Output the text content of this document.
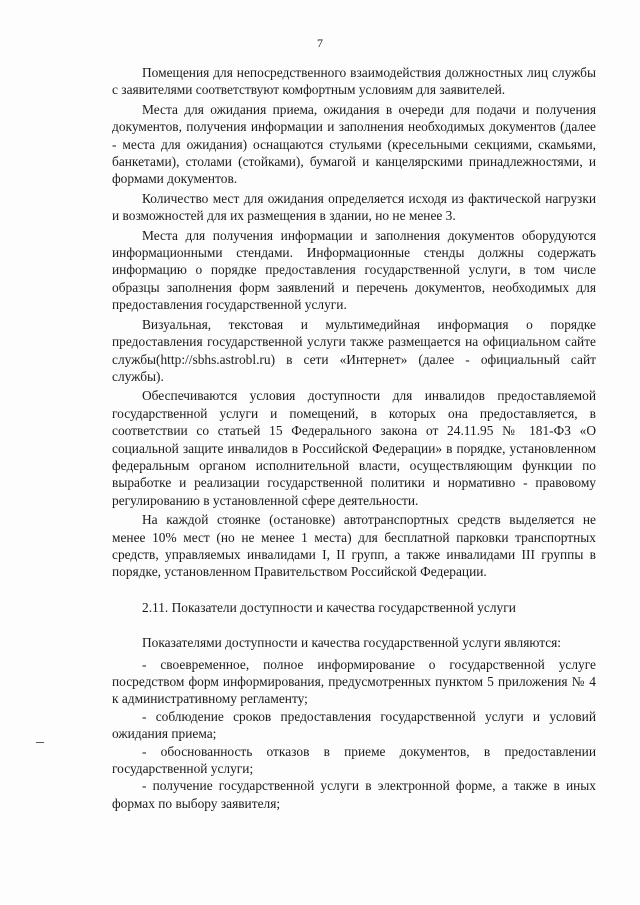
7

Помещения для непосредственного взаимодействия должностных лиц службы с заявителями соответствуют комфортным условиям для заявителей.

Места для ожидания приема, ожидания в очереди для подачи и получения документов, получения информации и заполнения необходимых документов (далее - места для ожидания) оснащаются стульями (кресельными секциями, скамьями, банкетами), столами (стойками), бумагой и канцелярскими принадлежностями, и формами документов.

Количество мест для ожидания определяется исходя из фактической нагрузки и возможностей для их размещения в здании, но не менее 3.

Места для получения информации и заполнения документов оборудуются информационными стендами. Информационные стенды должны содержать информацию о порядке предоставления государственной услуги, в том числе образцы заполнения форм заявлений и перечень документов, необходимых для предоставления государственной услуги.

Визуальная, текстовая и мультимедийная информация о порядке предоставления государственной услуги также размещается на официальном сайте службы(http://sbhs.astrobl.ru) в сети «Интернет» (далее - официальный сайт службы).

Обеспечиваются условия доступности для инвалидов предоставляемой государственной услуги и помещений, в которых она предоставляется, в соответствии со статьей 15 Федерального закона от 24.11.95 № 181-ФЗ «О социальной защите инвалидов в Российской Федерации» в порядке, установленном федеральным органом исполнительной власти, осуществляющим функции по выработке и реализации государственной политики и нормативно - правовому регулированию в установленной сфере деятельности.

На каждой стоянке (остановке) автотранспортных средств выделяется не менее 10% мест (но не менее 1 места) для бесплатной парковки транспортных средств, управляемых инвалидами I, II групп, а также инвалидами III группы в порядке, установленном Правительством Российской Федерации.

2.11. Показатели доступности и качества государственной услуги

Показателями доступности и качества государственной услуги являются:

- своевременное, полное информирование о государственной услуге посредством форм информирования, предусмотренных пунктом 5 приложения № 4 к административному регламенту;

- соблюдение сроков предоставления государственной услуги и условий ожидания приема;

- обоснованность отказов в приеме документов, в предоставлении государственной услуги;

- получение государственной услуги в электронной форме, а также в иных формах по выбору заявителя;
